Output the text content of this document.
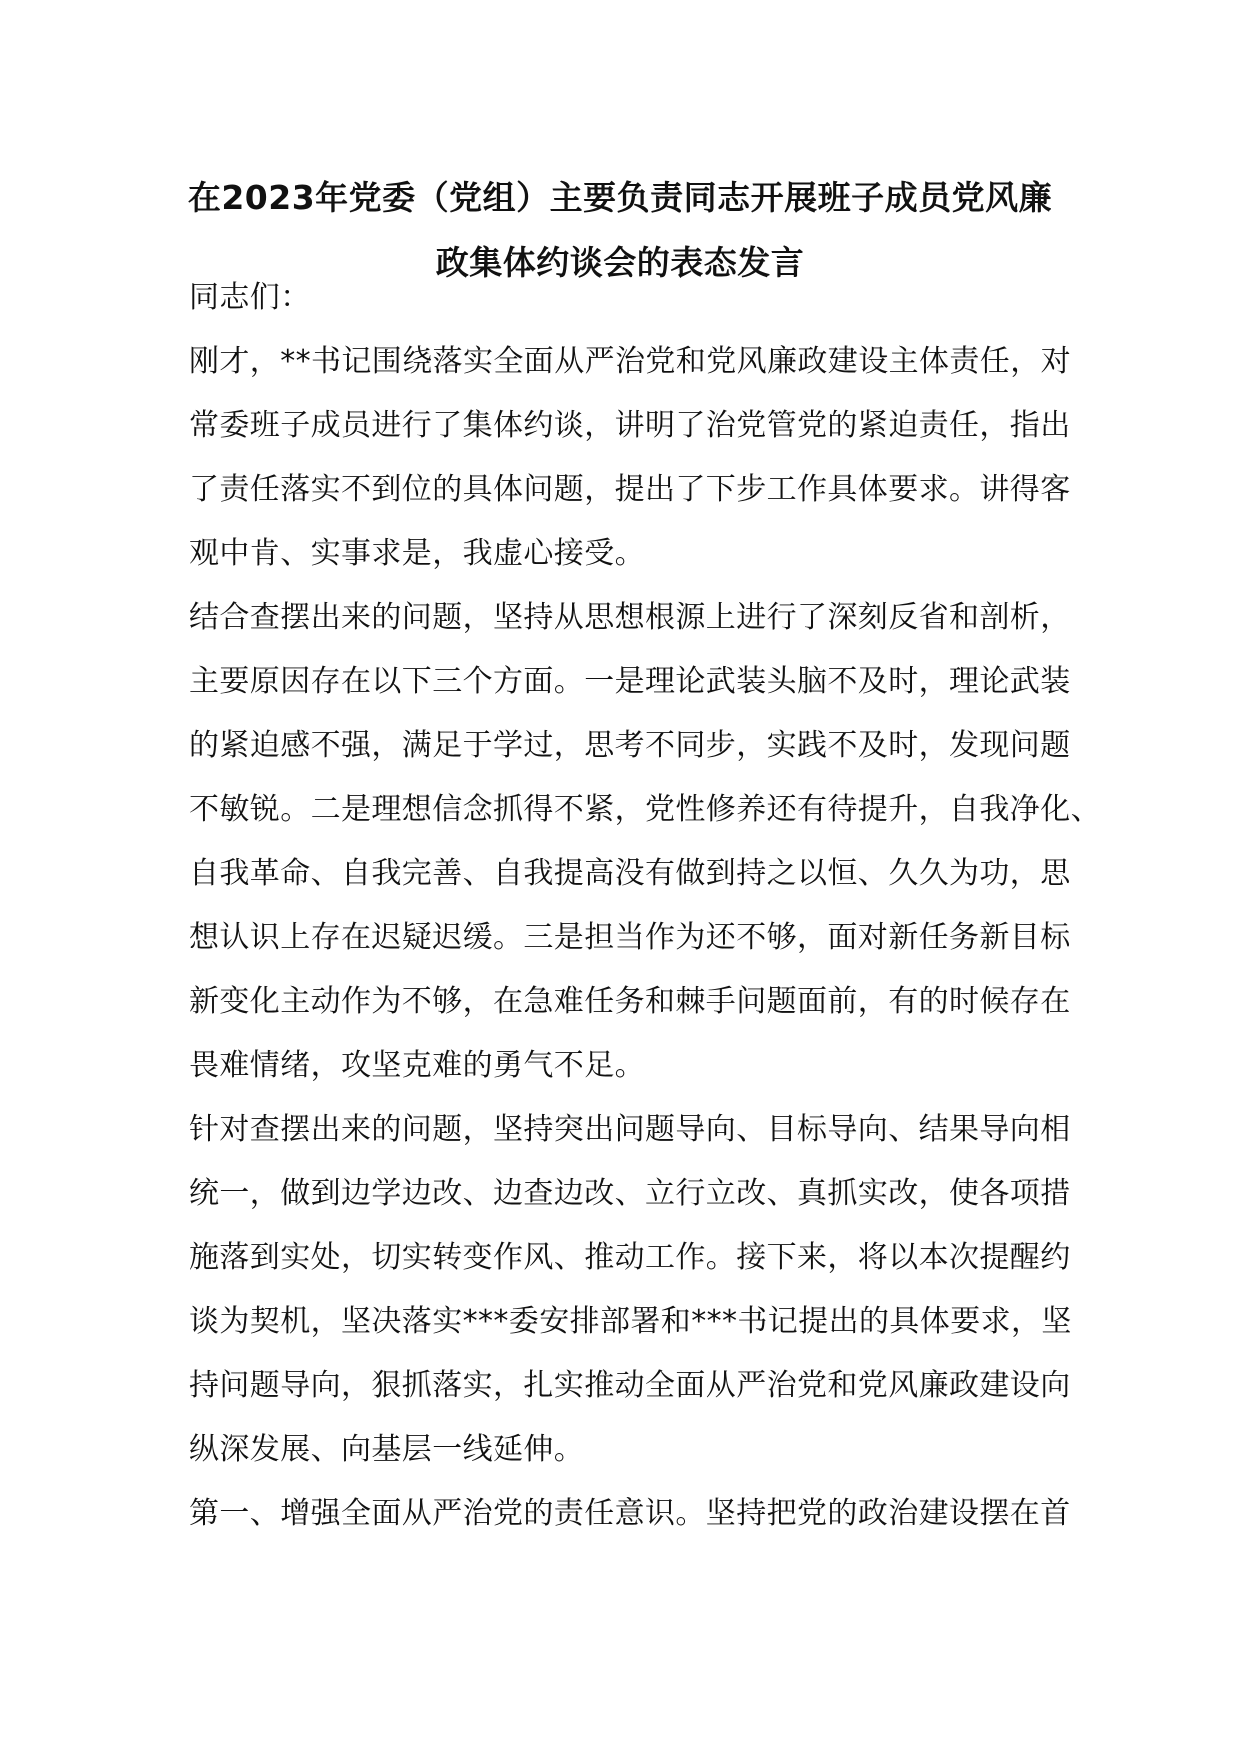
在2023年党委（党组）主要负责同志开展班子成员党风廉
政集体约谈会的表态发言
同志们：
刚才，**书记围绕落实全面从严治党和党风廉政建设主体责任，对
常委班子成员进行了集体约谈，讲明了治党管党的紧迫责任，指出
了责任落实不到位的具体问题，提出了下步工作具体要求。讲得客
观中肯、实事求是，我虚心接受。
结合查摆出来的问题，坚持从思想根源上进行了深刻反省和剖析，
主要原因存在以下三个方面。一是理论武装头脑不及时，理论武装
的紧迫感不强，满足于学过，思考不同步，实践不及时，发现问题
不敏锐。二是理想信念抓得不紧，党性修养还有待提升，自我净化、
自我革命、自我完善、自我提高没有做到持之以恒、久久为功，思
想认识上存在迟疑迟缓。三是担当作为还不够，面对新任务新目标
新变化主动作为不够，在急难任务和棘手问题面前，有的时候存在
畏难情绪，攻坚克难的勇气不足。
针对查摆出来的问题，坚持突出问题导向、目标导向、结果导向相
统一，做到边学边改、边查边改、立行立改、真抓实改，使各项措
施落到实处，切实转变作风、推动工作。接下来，将以本次提醒约
谈为契机，坚决落实***委安排部署和***书记提出的具体要求，坚
持问题导向，狠抓落实，扎实推动全面从严治党和党风廉政建设向
纵深发展、向基层一线延伸。
第一、增强全面从严治党的责任意识。坚持把党的政治建设摆在首
